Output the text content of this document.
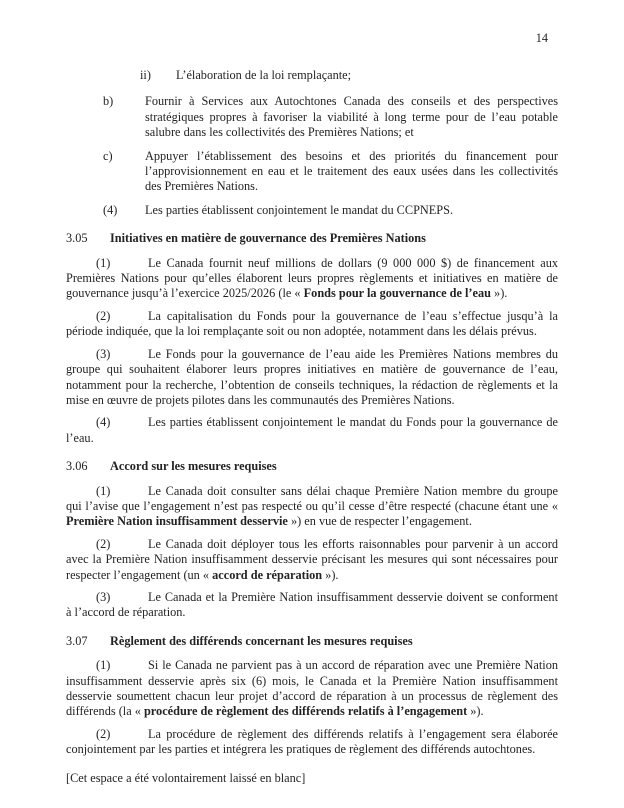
14
ii) L’élaboration de la loi remplaçante;
b)	Fournir à Services aux Autochtones Canada des conseils et des perspectives stratégiques propres à favoriser la viabilité à long terme pour de l’eau potable salubre dans les collectivités des Premières Nations; et
c)	Appuyer l’établissement des besoins et des priorités du financement pour l’approvisionnement en eau et le traitement des eaux usées dans les collectivités des Premières Nations.
(4) Les parties établissent conjointement le mandat du CCPNEPS.
3.05 Initiatives en matière de gouvernance des Premières Nations
(1)	Le Canada fournit neuf millions de dollars (9 000 000 $) de financement aux Premières Nations pour qu’elles élaborent leurs propres règlements et initiatives en matière de gouvernance jusqu’à l’exercice 2025/2026 (le « Fonds pour la gouvernance de l’eau »).
(2)	La capitalisation du Fonds pour la gouvernance de l’eau s’effectue jusqu’à la période indiquée, que la loi remplaçante soit ou non adoptée, notamment dans les délais prévus.
(3)	Le Fonds pour la gouvernance de l’eau aide les Premières Nations membres du groupe qui souhaitent élaborer leurs propres initiatives en matière de gouvernance de l’eau, notamment pour la recherche, l’obtention de conseils techniques, la rédaction de règlements et la mise en œuvre de projets pilotes dans les communautés des Premières Nations.
(4)	Les parties établissent conjointement le mandat du Fonds pour la gouvernance de l’eau.
3.06 Accord sur les mesures requises
(1)	Le Canada doit consulter sans délai chaque Première Nation membre du groupe qui l’avise que l’engagement n’est pas respecté ou qu’il cesse d’être respecté (chacune étant une « Première Nation insuffisamment desservie ») en vue de respecter l’engagement.
(2)	Le Canada doit déployer tous les efforts raisonnables pour parvenir à un accord avec la Première Nation insuffisamment desservie précisant les mesures qui sont nécessaires pour respecter l’engagement (un « accord de réparation »).
(3)	Le Canada et la Première Nation insuffisamment desservie doivent se conforment à l’accord de réparation.
3.07 Règlement des différends concernant les mesures requises
(1)	Si le Canada ne parvient pas à un accord de réparation avec une Première Nation insuffisamment desservie après six (6) mois, le Canada et la Première Nation insuffisamment desservie soumettent chacun leur projet d’accord de réparation à un processus de règlement des différends (la « procédure de règlement des différends relatifs à l’engagement »).
(2)	La procédure de règlement des différends relatifs à l’engagement sera élaborée conjointement par les parties et intégrera les pratiques de règlement des différends autochtones.
[Cet espace a été volontairement laissé en blanc]
